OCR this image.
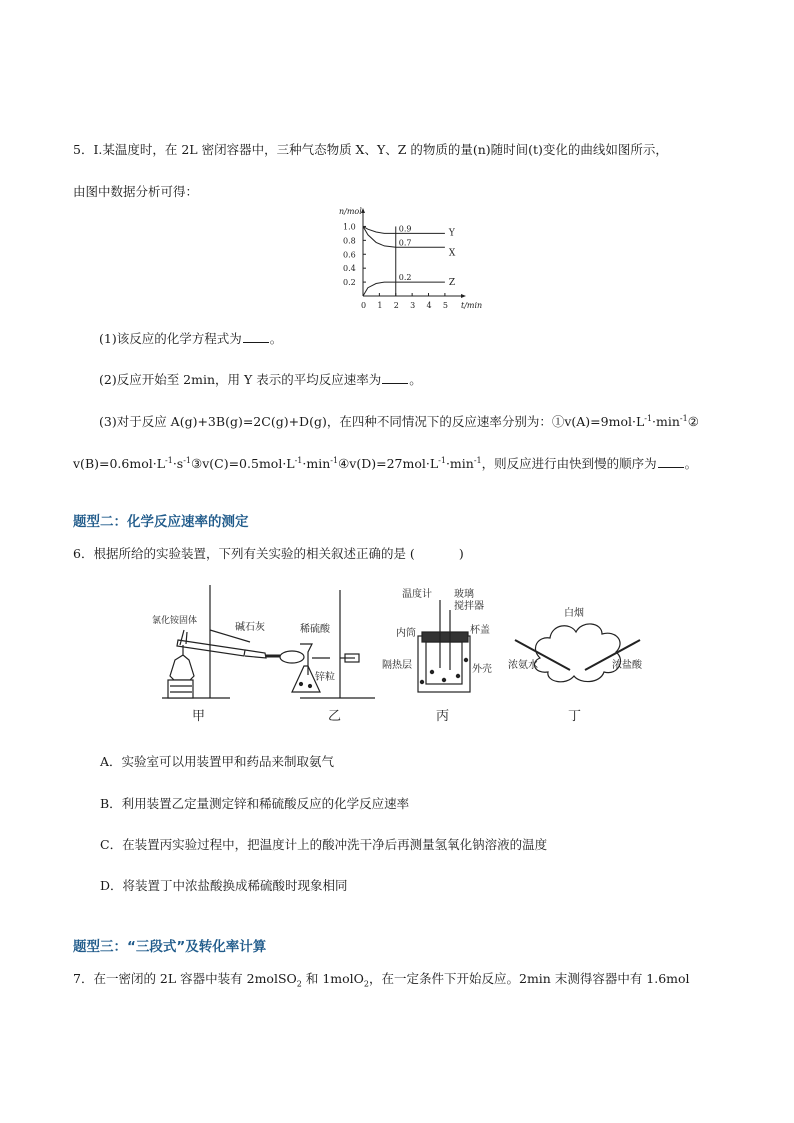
5．I.某温度时，在 2L 密闭容器中，三种气态物质 X、Y、Z 的物质的量(n)随时间(t)变化的曲线如图所示，
由图中数据分析可得：
n/mol
t/min
1.0
0.8
0.6
0.4
0.2
0 1 2 3 4 5
Y
X
Z
0.9
0.7
0.2
(1)该反应的化学方程式为 。
(2)反应开始至 2min，用 Y 表示的平均反应速率为 。
(3)对于反应 A(g)+3B(g)=2C(g)+D(g)，在四种不同情况下的反应速率分别为：$①v(A)=9mol\cdot L^{-1}\cdot\min^{-1}②$
$v(B)=0.6mol\cdot L^{-1}\cdot s^{-1}③v(C)=0.5mol\cdot L^{-1}\cdot\min^{-1}④v(D)=27mol\cdot L^{-1}\cdot\min^{-1}$，则反应进行由快到慢的顺序为 。
题型二：化学反应速率的测定
6．根据所给的实验装置，下列有关实验的相关叙述正确的是 (	)
氯化铵固体
碱石灰
甲
稀硫酸
锌粒
乙
温度计 玻璃
搅拌器
内筒	杯盖
隔热层	外壳
丙
白烟
浓氨水	浓盐酸
丁
A．实验室可以用装置甲和药品来制取氨气
B．利用装置乙定量测定锌和稀硫酸反应的化学反应速率
C．在装置丙实验过程中，把温度计上的酸冲洗干净后再测量氢氧化钠溶液的温度
D．将装置丁中浓盐酸换成稀硫酸时现象相同
题型三：“三段式”及转化率计算
7．在一密闭的 2L 容器中装有 2molSO$_2$ 和 1molO$_2$，在一定条件下开始反应。2min 末测得容器中有 1.6mol
